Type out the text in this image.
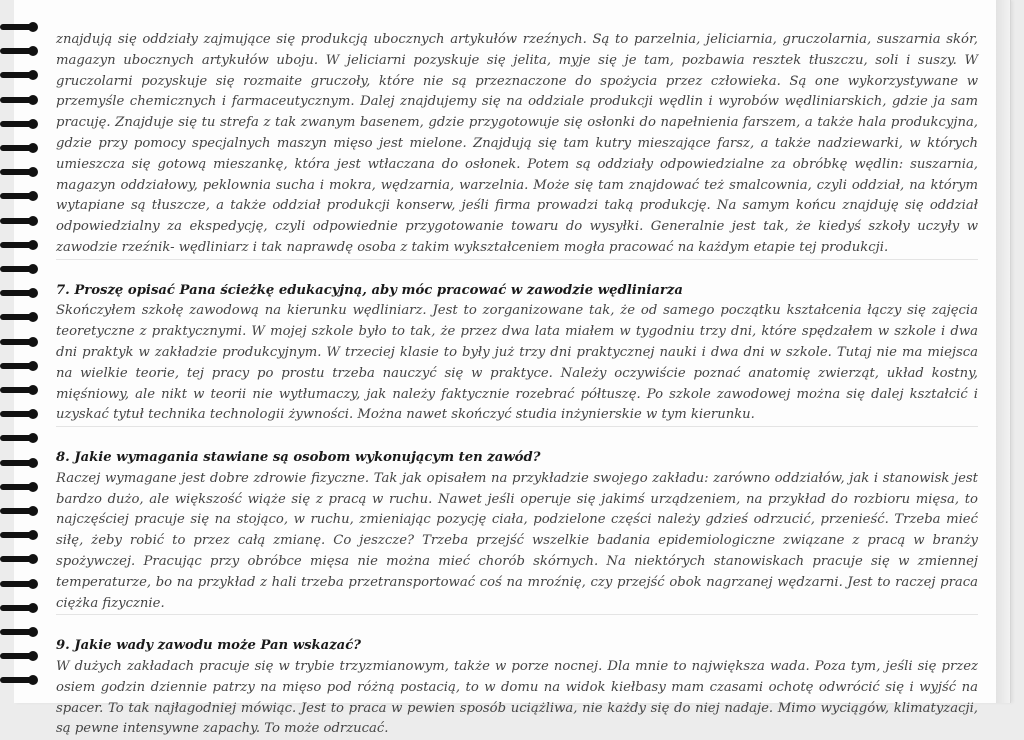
znajdują się oddziały zajmujące się produkcją ubocznych artykułów rzeźnych. Są to parzelnia, jeliciarnia, gruczolarnia, suszarnia skór, magazyn ubocznych artykułów uboju. W jeliciarni pozyskuje się jelita, myje się je tam, pozbawia resztek tłuszczu, soli i suszy. W gruczolarni pozyskuje się rozmaite gruczoły, które nie są przeznaczone do spożycia przez człowieka. Są one wykorzystywane w przemyśle chemicznych i farmaceutycznym. Dalej znajdujemy się na oddziale produkcji wędlin i wyrobów wędliniarskich, gdzie ja sam pracuję. Znajduje się tu strefa z tak zwanym basenem, gdzie przygotowuje się osłonki do napełnienia farszem, a także hala produkcyjna, gdzie przy pomocy specjalnych maszyn mięso jest mielone. Znajdują się tam kutry mieszające farsz, a także nadziewarki, w których umieszcza się gotową mieszankę, która jest wtłaczana do osłonek. Potem są oddziały odpowiedzialne za obróbkę wędlin: suszarnia, magazyn oddziałowy, peklownia sucha i mokra, wędzarnia, warzelnia. Może się tam znajdować też smalcownia, czyli oddział, na którym wytapiane są tłuszcze, a także oddział produkcji konserw, jeśli firma prowadzi taką produkcję. Na samym końcu znajduję się oddział odpowiedzialny za ekspedycję, czyli odpowiednie przygotowanie towaru do wysyłki. Generalnie jest tak, że kiedyś szkoły uczyły w zawodzie rzeźnik- wędliniarz i tak naprawdę osoba z takim wykształceniem mogła pracować na każdym etapie tej produkcji.

7. Proszę opisać Pana ścieżkę edukacyjną, aby móc pracować w zawodzie wędliniarza

Skończyłem szkołę zawodową na kierunku wędliniarz. Jest to zorganizowane tak, że od samego początku kształcenia łączy się zajęcia teoretyczne z praktycznymi. W mojej szkole było to tak, że przez dwa lata miałem w tygodniu trzy dni, które spędzałem w szkole i dwa dni praktyk w zakładzie produkcyjnym. W trzeciej klasie to były już trzy dni praktycznej nauki i dwa dni w szkole. Tutaj nie ma miejsca na wielkie teorie, tej pracy po prostu trzeba nauczyć się w praktyce. Należy oczywiście poznać anatomię zwierząt, układ kostny, mięśniowy, ale nikt w teorii nie wytłumaczy, jak należy faktycznie rozebrać półtuszę. Po szkole zawodowej można się dalej kształcić i uzyskać tytuł technika technologii żywności. Można nawet skończyć studia inżynierskie w tym kierunku.

8. Jakie wymagania stawiane są osobom wykonującym ten zawód?

Raczej wymagane jest dobre zdrowie fizyczne. Tak jak opisałem na przykładzie swojego zakładu: zarówno oddziałów, jak i stanowisk jest bardzo dużo, ale większość wiąże się z pracą w ruchu. Nawet jeśli operuje się jakimś urządzeniem, na przykład do rozbioru mięsa, to najczęściej pracuje się na stojąco, w ruchu, zmieniając pozycję ciała, podzielone części należy gdzieś odrzucić, przenieść. Trzeba mieć siłę, żeby robić to przez całą zmianę. Co jeszcze? Trzeba przejść wszelkie badania epidemiologiczne związane z pracą w branży spożywczej. Pracując przy obróbce mięsa nie można mieć chorób skórnych. Na niektórych stanowiskach pracuje się w zmiennej temperaturze, bo na przykład z hali trzeba przetransportować coś na mroźnię, czy przejść obok nagrzanej wędzarni. Jest to raczej praca ciężka fizycznie.

9. Jakie wady zawodu może Pan wskazać?

W dużych zakładach pracuje się w trybie trzyzmianowym, także w porze nocnej. Dla mnie to największa wada. Poza tym, jeśli się przez osiem godzin dziennie patrzy na mięso pod różną postacią, to w domu na widok kiełbasy mam czasami ochotę odwrócić się i wyjść na spacer. To tak najłagodniej mówiąc. Jest to praca w pewien sposób uciążliwa, nie każdy się do niej nadaje. Mimo wyciągów, klimatyzacji, są pewne intensywne zapachy. To może odrzucać.
